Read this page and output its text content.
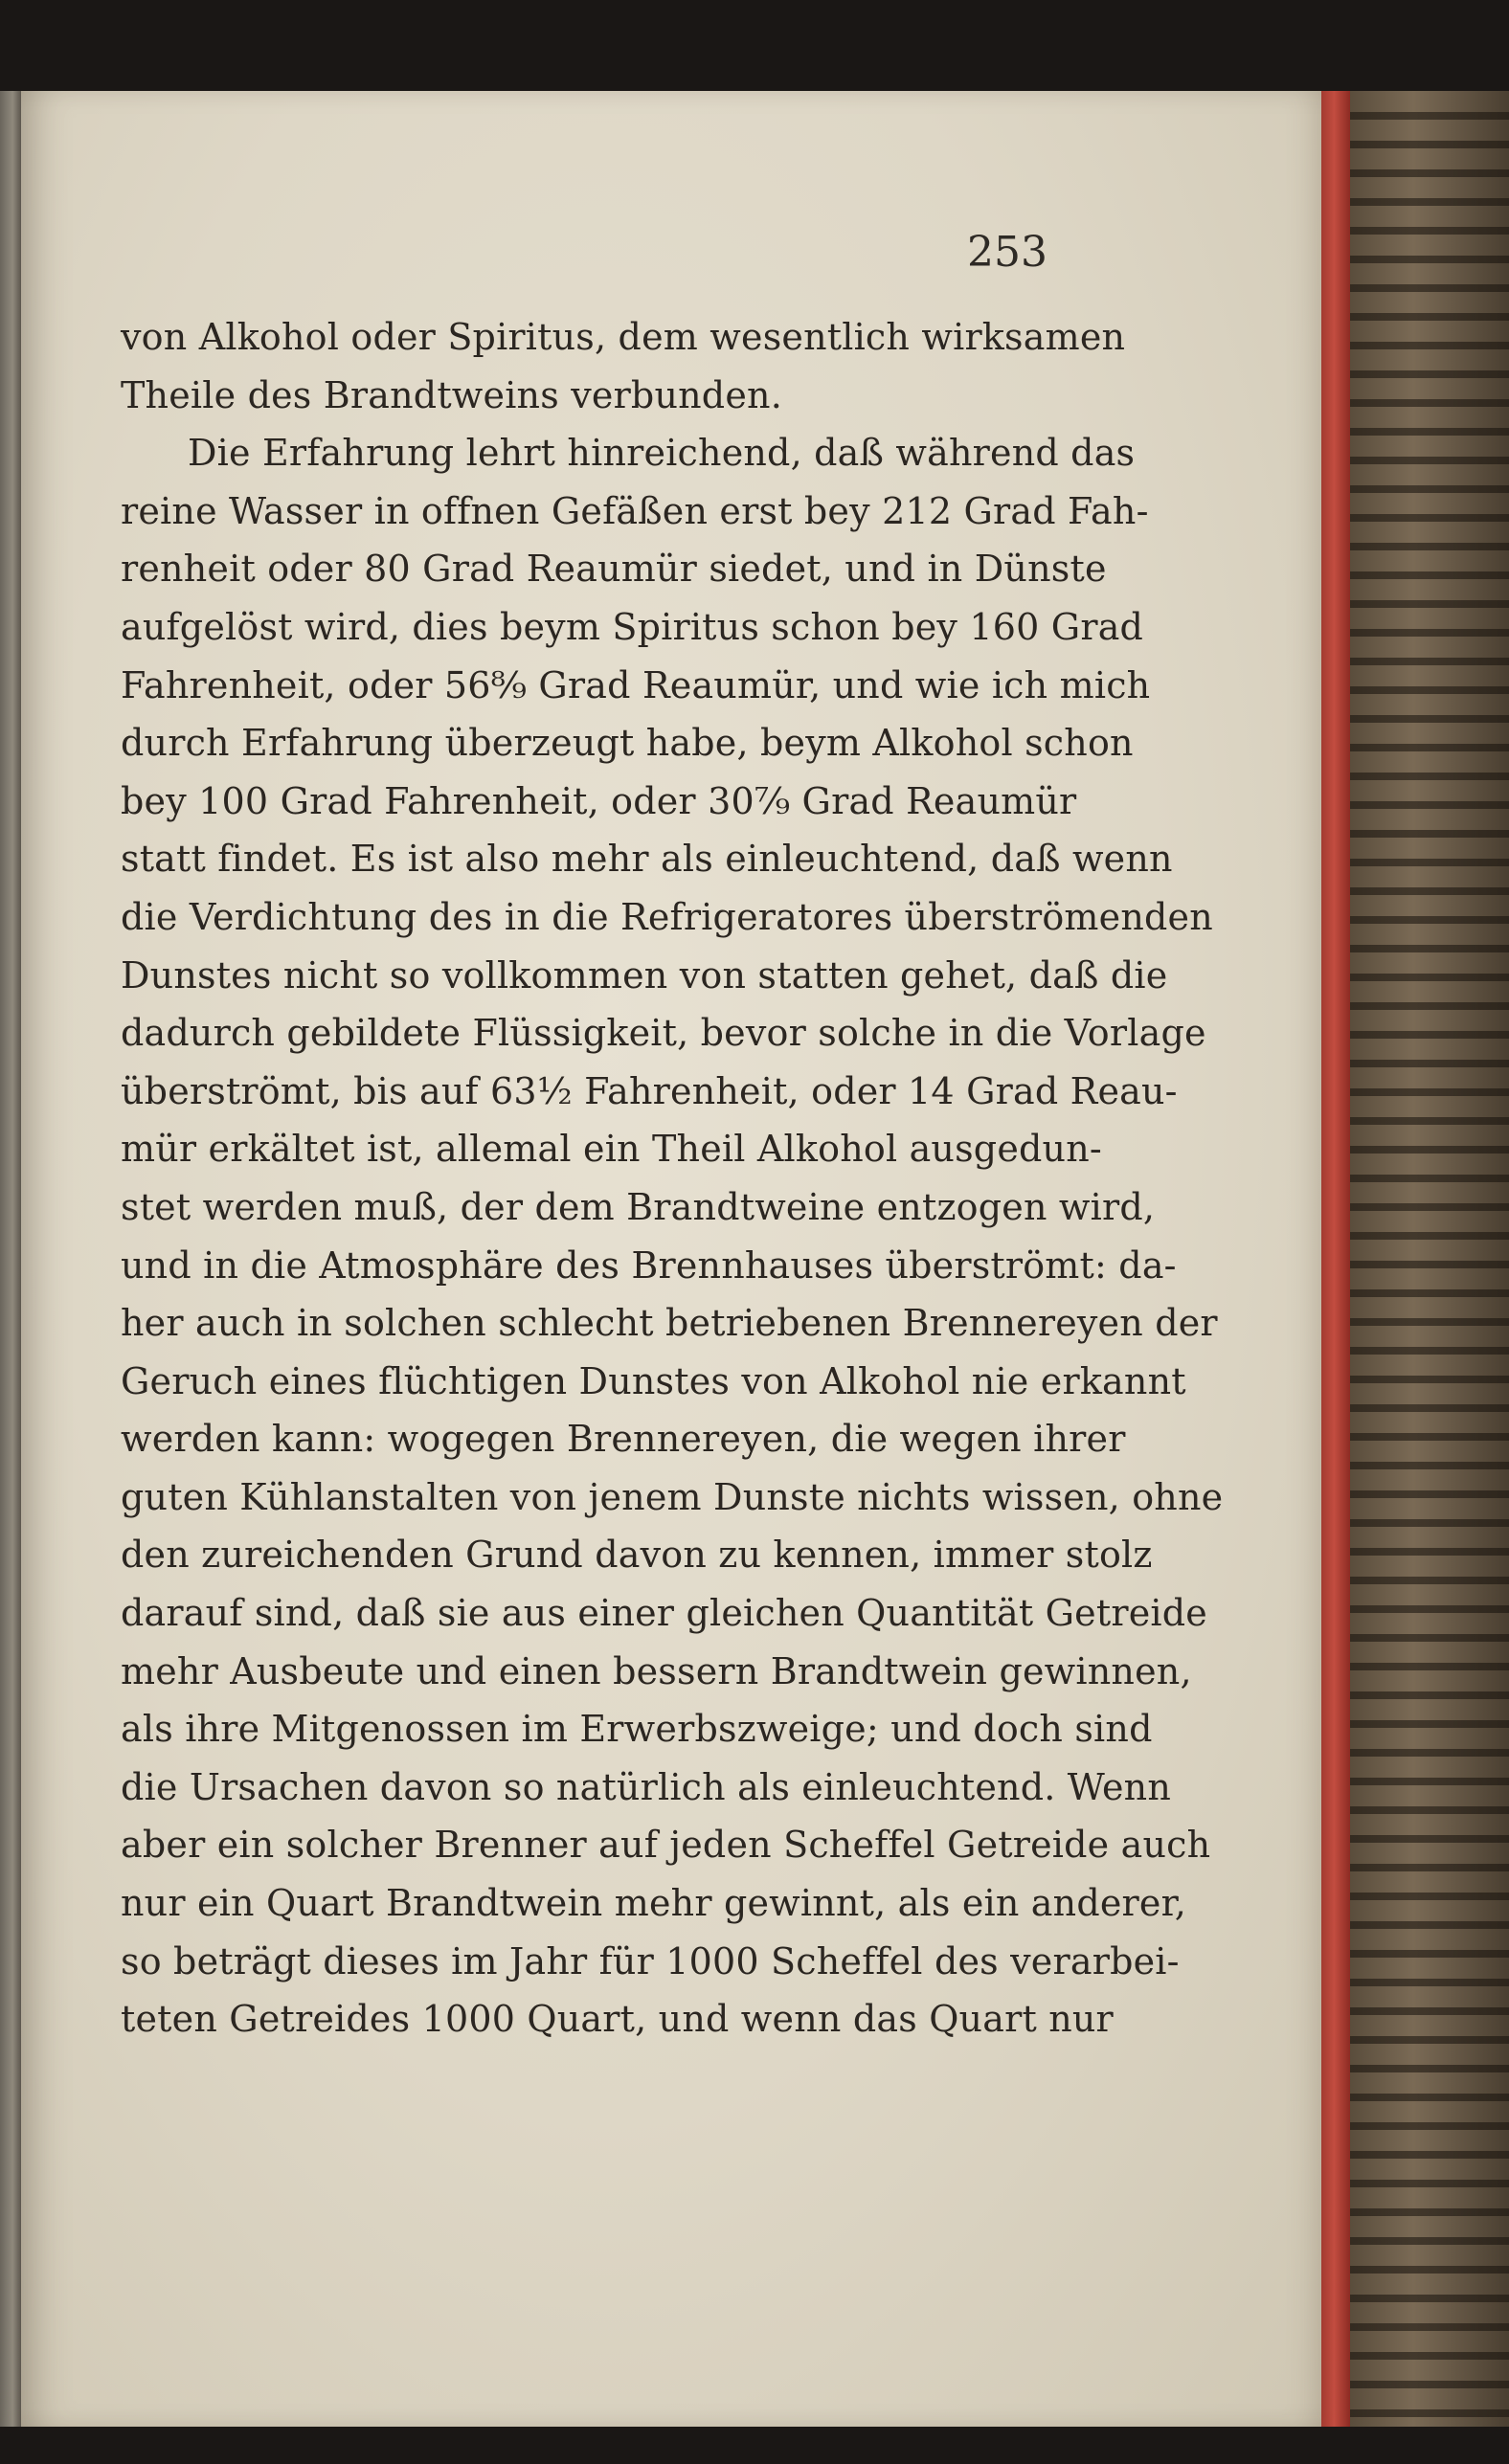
253
von Alkohol oder Spiritus, dem wesentlich wirksamen
Theile des Brandtweins verbunden.
Die Erfahrung lehrt hinreichend, daß während das
reine Wasser in offnen Gefäßen erst bey 212 Grad Fah-
renheit oder 80 Grad Reaumür siedet, und in Dünste
aufgelöst wird, dies beym Spiritus schon bey 160 Grad
Fahrenheit, oder 56⁸⁄₉ Grad Reaumür, und wie ich mich
durch Erfahrung überzeugt habe, beym Alkohol schon
bey 100 Grad Fahrenheit, oder 30⁷⁄₉ Grad Reaumür
statt findet. Es ist also mehr als einleuchtend, daß wenn
die Verdichtung des in die Refrigeratores überströmenden
Dunstes nicht so vollkommen von statten gehet, daß die
dadurch gebildete Flüssigkeit, bevor solche in die Vorlage
überströmt, bis auf 63½ Fahrenheit, oder 14 Grad Reau-
mür erkältet ist, allemal ein Theil Alkohol ausgedun-
stet werden muß, der dem Brandtweine entzogen wird,
und in die Atmosphäre des Brennhauses überströmt: da-
her auch in solchen schlecht betriebenen Brennereyen der
Geruch eines flüchtigen Dunstes von Alkohol nie erkannt
werden kann: wogegen Brennereyen, die wegen ihrer
guten Kühlanstalten von jenem Dunste nichts wissen, ohne
den zureichenden Grund davon zu kennen, immer stolz
darauf sind, daß sie aus einer gleichen Quantität Getreide
mehr Ausbeute und einen bessern Brandtwein gewinnen,
als ihre Mitgenossen im Erwerbszweige; und doch sind
die Ursachen davon so natürlich als einleuchtend. Wenn
aber ein solcher Brenner auf jeden Scheffel Getreide auch
nur ein Quart Brandtwein mehr gewinnt, als ein anderer,
so beträgt dieses im Jahr für 1000 Scheffel des verarbei-
teten Getreides 1000 Quart, und wenn das Quart nur
